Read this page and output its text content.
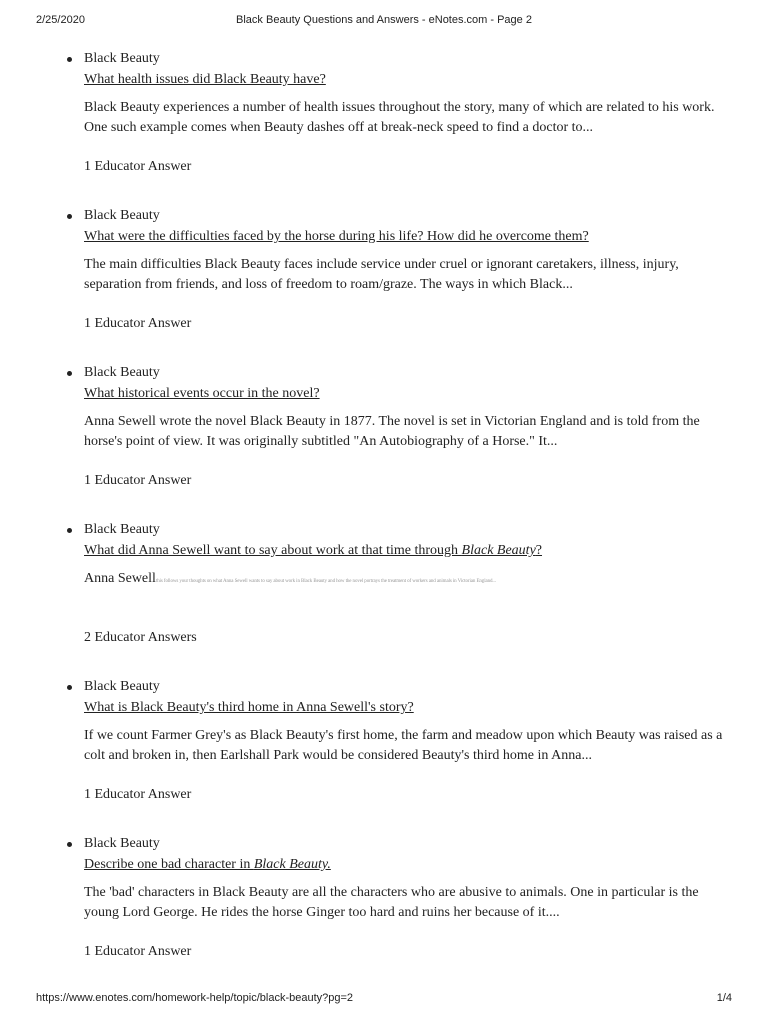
2/25/2020	Black Beauty Questions and Answers - eNotes.com - Page 2
Black Beauty
What health issues did Black Beauty have?

Black Beauty experiences a number of health issues throughout the story, many of which are related to his work. One such example comes when Beauty dashes off at break-neck speed to find a doctor to...

1 Educator Answer
Black Beauty
What were the difficulties faced by the horse during his life? How did he overcome them?

The main difficulties Black Beauty faces include service under cruel or ignorant caretakers, illness, injury, separation from friends, and loss of freedom to roam/graze. The ways in which Black...

1 Educator Answer
Black Beauty
What historical events occur in the novel?

Anna Sewell wrote the novel Black Beauty in 1877. The novel is set in Victorian England and is told from the horse's point of view. It was originally subtitled "An Autobiography of a Horse." It...

1 Educator Answer
Black Beauty
What did Anna Sewell want to say about work at that time through Black Beauty?

Anna Sewellthis follows your thoughts on what Anna Sewell wants to say about work in Black Beauty and how the novel portrays the treatment of workers and animals in Victorian England...

2 Educator Answers
Black Beauty
What is Black Beauty's third home in Anna Sewell's story?

If we count Farmer Grey's as Black Beauty's first home, the farm and meadow upon which Beauty was raised as a colt and broken in, then Earlshall Park would be considered Beauty's third home in Anna...

1 Educator Answer
Black Beauty
Describe one bad character in Black Beauty.

The 'bad' characters in Black Beauty are all the characters who are abusive to animals. One in particular is the young Lord George. He rides the horse Ginger too hard and ruins her because of it....

1 Educator Answer
https://www.enotes.com/homework-help/topic/black-beauty?pg=2	1/4
